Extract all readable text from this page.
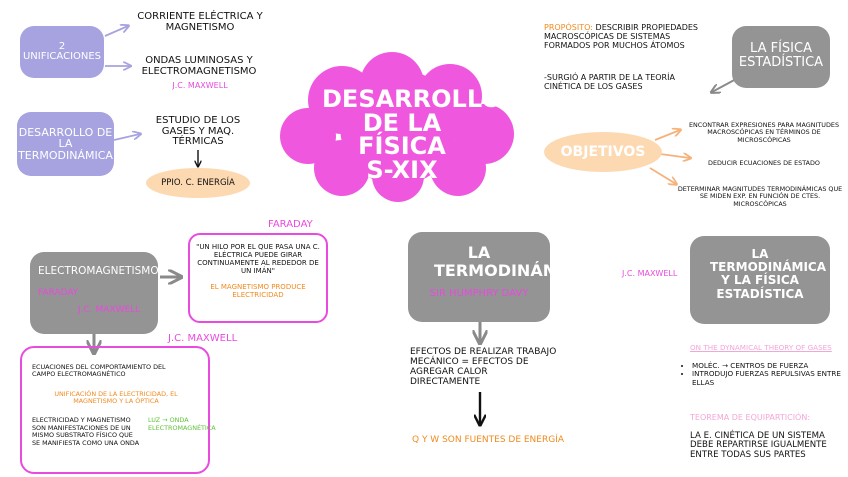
DESARROLLO
DE LA FÍSICA
S-XIX
2 UNIFICACIONES
CORRIENTE ELÉCTRICA Y MAGNETISMO
ONDAS LUMINOSAS Y ELECTROMAGNETISMO
J.C. MAXWELL
DESARROLLO DE LA TERMODINÁMICA
ESTUDIO DE LOS GASES Y MAQ. TÉRMICAS
PPIO. C. ENERGÍA
LA FÍSICA ESTADÍSTICA
PROPÓSITO: DESCRIBIR PROPIEDADES MACROSCÓPICAS DE SISTEMAS FORMADOS POR MUCHOS ÁTOMOS
-SURGIÓ A PARTIR DE LA TEORÍA CINÉTICA DE LOS GASES
OBJETIVOS
ENCONTRAR EXPRESIONES PARA MAGNITUDES MACROSCÓPICAS EN TÉRMINOS DE MICROSCÓPICAS
DEDUCIR ECUACIONES DE ESTADO
DETERMINAR MAGNITUDES TERMODINÁMICAS QUE SE MIDEN EXP. EN FUNCIÓN DE CTES. MICROSCÓPICAS
ELECTROMAGNETISMO
FARADAY
J.C. MAXWELL
FARADAY
"UN HILO POR EL QUE PASA UNA C. ELÉCTRICA PUEDE GIRAR CONTINUAMENTE AL REDEDOR DE UN IMÁN"
EL MAGNETISMO PRODUCE ELECTRICIDAD
J.C. MAXWELL
ECUACIONES DEL COMPORTAMIENTO DEL CAMPO ELECTROMAGNÉTICO
UNIFICACIÓN DE LA ELECTRICIDAD, EL MAGNETISMO Y LA ÓPTICA
ELECTRICIDAD Y MAGNETISMO SON MANIFESTACIONES DE UN MISMO SUBSTRATO FÍSICO QUE SE MANIFIESTA COMO UNA ONDA
LUZ → ONDA ELECTROMAGNÉTICA
LA TERMODINÁMICA
SIR HUMPHRY DAVY
EFECTOS DE REALIZAR TRABAJO MECÁNICO = EFECTOS DE AGREGAR CALOR DIRECTAMENTE
Q Y W SON FUENTES DE ENERGÍA
J.C. MAXWELL
LA TERMODINÁMICA Y LA FÍSICA ESTADÍSTICA
ON THE DYNAMICAL THEORY OF GASES
• MOLÉC. → CENTROS DE FUERZA
• INTRODUJO FUERZAS REPULSIVAS ENTRE ELLAS
TEOREMA DE EQUIPARTICIÓN:
LA E. CINÉTICA DE UN SISTEMA DEBE REPARTIRSE IGUALMENTE ENTRE TODAS SUS PARTES
